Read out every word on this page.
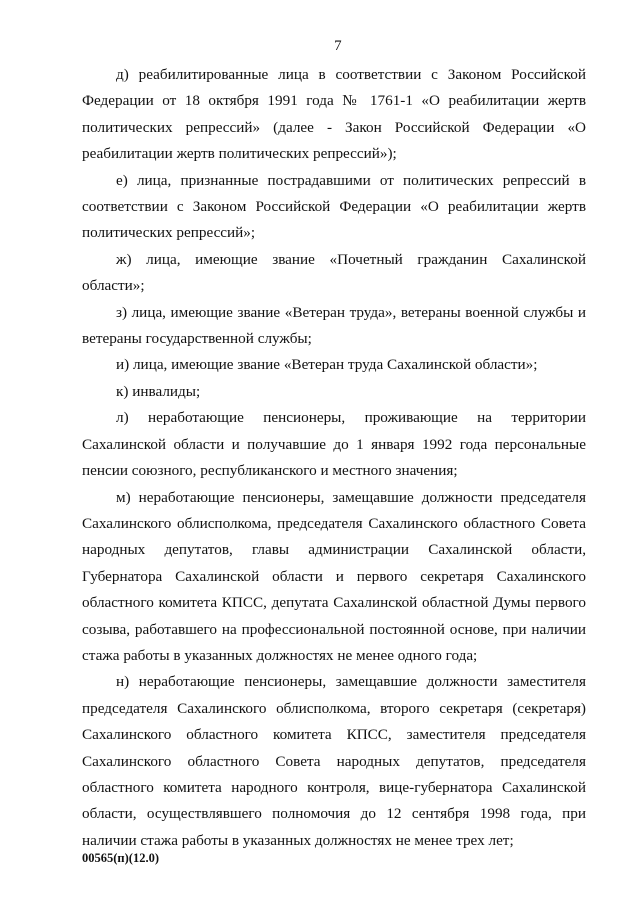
7

д) реабилитированные лица в соответствии с Законом Российской Федерации от 18 октября 1991 года № 1761-1 «О реабилитации жертв политических репрессий» (далее - Закон Российской Федерации «О реабилитации жертв политических репрессий»);

е) лица, признанные пострадавшими от политических репрессий в соответствии с Законом Российской Федерации «О реабилитации жертв политических репрессий»;

ж) лица, имеющие звание «Почетный гражданин Сахалинской области»;

з) лица, имеющие звание «Ветеран труда», ветераны военной службы и ветераны государственной службы;

и) лица, имеющие звание «Ветеран труда Сахалинской области»;

к) инвалиды;

л) неработающие пенсионеры, проживающие на территории Сахалинской области и получавшие до 1 января 1992 года персональные пенсии союзного, республиканского и местного значения;

м) неработающие пенсионеры, замещавшие должности председателя Сахалинского облисполкома, председателя Сахалинского областного Совета народных депутатов, главы администрации Сахалинской области, Губернатора Сахалинской области и первого секретаря Сахалинского областного комитета КПСС, депутата Сахалинской областной Думы первого созыва, работавшего на профессиональной постоянной основе, при наличии стажа работы в указанных должностях не менее одного года;

н) неработающие пенсионеры, замещавшие должности заместителя председателя Сахалинского облисполкома, второго секретаря (секретаря) Сахалинского областного комитета КПСС, заместителя председателя Сахалинского областного Совета народных депутатов, председателя областного комитета народного контроля, вице-губернатора Сахалинской области, осуществлявшего полномочия до 12 сентября 1998 года, при наличии стажа работы в указанных должностях не менее трех лет;

00565(п)(12.0)
